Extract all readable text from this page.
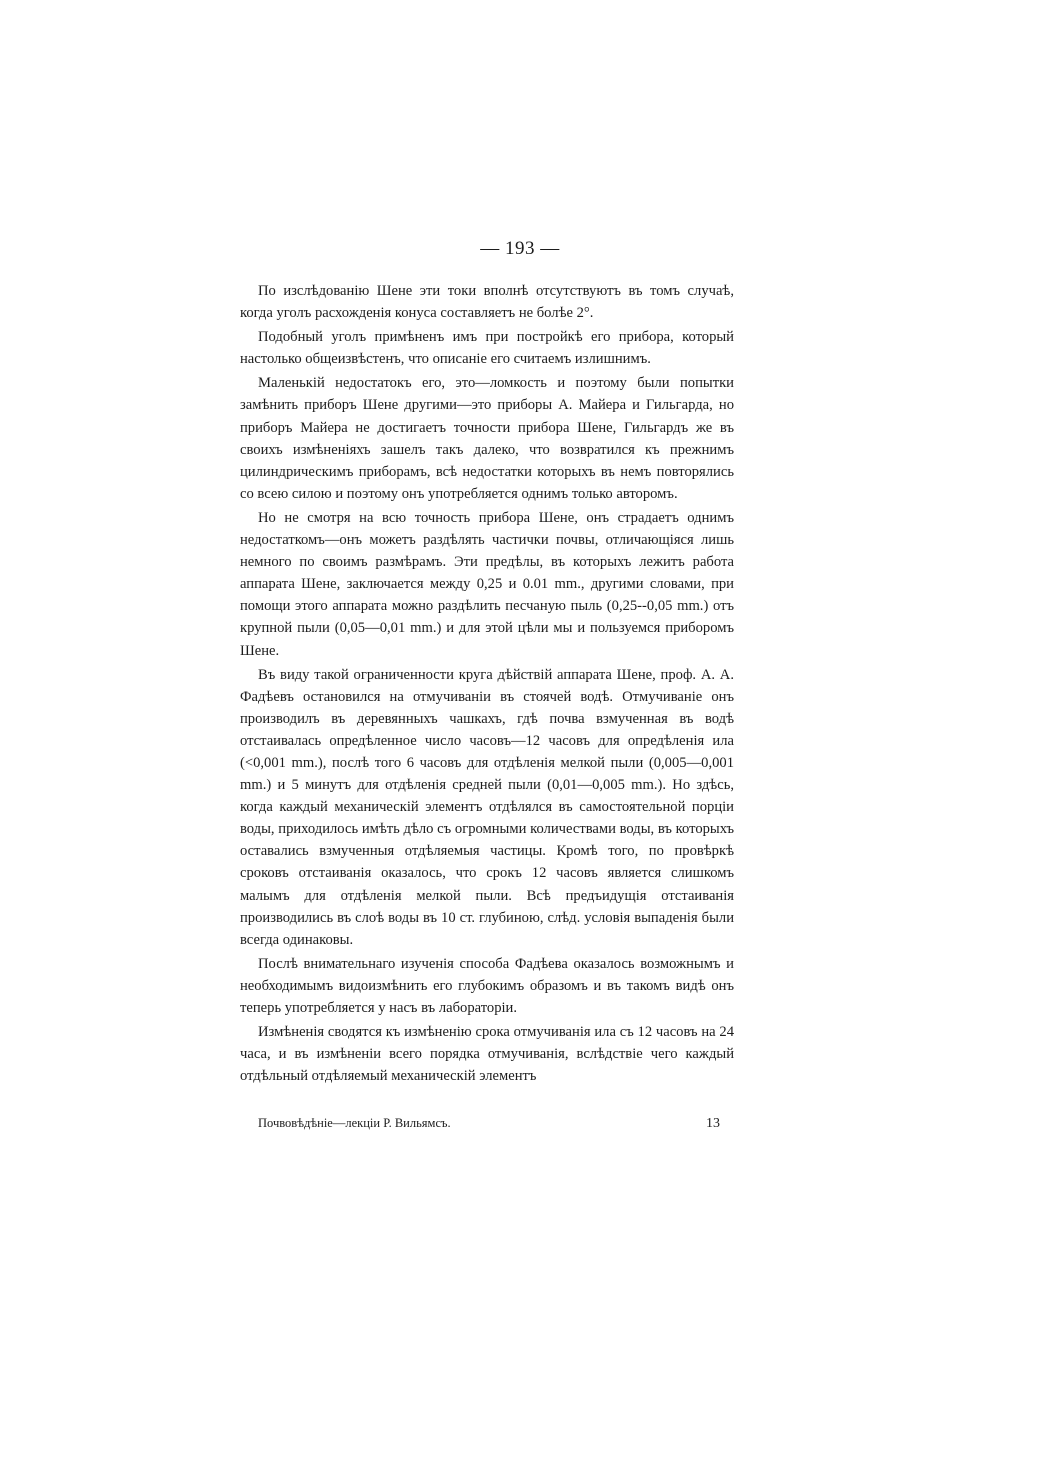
— 193 —

По изслѣдованію Шене эти токи вполнѣ отсутствуютъ въ томъ случаѣ, когда уголъ расхожденія конуса составляетъ не болѣе 2°.

Подобный уголъ примѣненъ имъ при постройкѣ его прибора, который настолько общеизвѣстенъ, что описаніе его считаемъ излишнимъ.

Маленькій недостатокъ его, это—ломкость и поэтому были попытки замѣнить приборъ Шене другими—это приборы А. Майера и Гильгарда, но приборъ Майера не достигаетъ точности прибора Шене, Гильгардъ же въ своихъ измѣненіяхъ зашелъ такъ далеко, что возвратился къ прежнимъ цилиндрическимъ приборамъ, всѣ недостатки которыхъ въ немъ повторялись со всею силою и поэтому онъ употребляется однимъ только авторомъ.

Но не смотря на всю точность прибора Шене, онъ страдаетъ однимъ недостаткомъ—онъ можетъ раздѣлять частички почвы, отличающіяся лишь немного по своимъ размѣрамъ. Эти предѣлы, въ которыхъ лежитъ работа аппарата Шене, заключается между 0,25 и 0.01 mm., другими словами, при помощи этого аппарата можно раздѣлить песчаную пыль (0,25--0,05 mm.) отъ крупной пыли (0,05—0,01 mm.) и для этой цѣли мы и пользуемся приборомъ Шене.

Въ виду такой ограниченности круга дѣйствій аппарата Шене, проф. А. А. Фадѣевъ остановился на отмучиваніи въ стоячей водѣ. Отмучиваніе онъ производилъ въ деревянныхъ чашкахъ, гдѣ почва взмученная въ водѣ отстаивалась опредѣленное число часовъ—12 часовъ для опредѣленія ила (<0,001 mm.), послѣ того 6 часовъ для отдѣленія мелкой пыли (0,005—0,001 mm.) и 5 минутъ для отдѣленія средней пыли (0,01—0,005 mm.). Но здѣсь, когда каждый механическій элементъ отдѣлялся въ самостоятельной порціи воды, приходилось имѣть дѣло съ огромными количествами воды, въ которыхъ оставались взмученныя отдѣляемыя частицы. Кромѣ того, по провѣркѣ сроковъ отстаиванія оказалось, что срокъ 12 часовъ является слишкомъ малымъ для отдѣленія мелкой пыли. Всѣ предъидущія отстаиванія производились въ слоѣ воды въ 10 ст. глубиною, слѣд. условія выпаденія были всегда одинаковы.

Послѣ внимательнаго изученія способа Фадѣева оказалось возможнымъ и необходимымъ видоизмѣнить его глубокимъ образомъ и въ такомъ видѣ онъ теперь употребляется у насъ въ лабораторіи.

Измѣненія сводятся къ измѣненію срока отмучиванія ила съ 12 часовъ на 24 часа, и въ измѣненіи всего порядка отмучиванія, вслѣдствіе чего каждый отдѣльный отдѣляемый механическій элементъ

Почвовѣдѣніе—лекціи Р. Вильямсъ.	13
